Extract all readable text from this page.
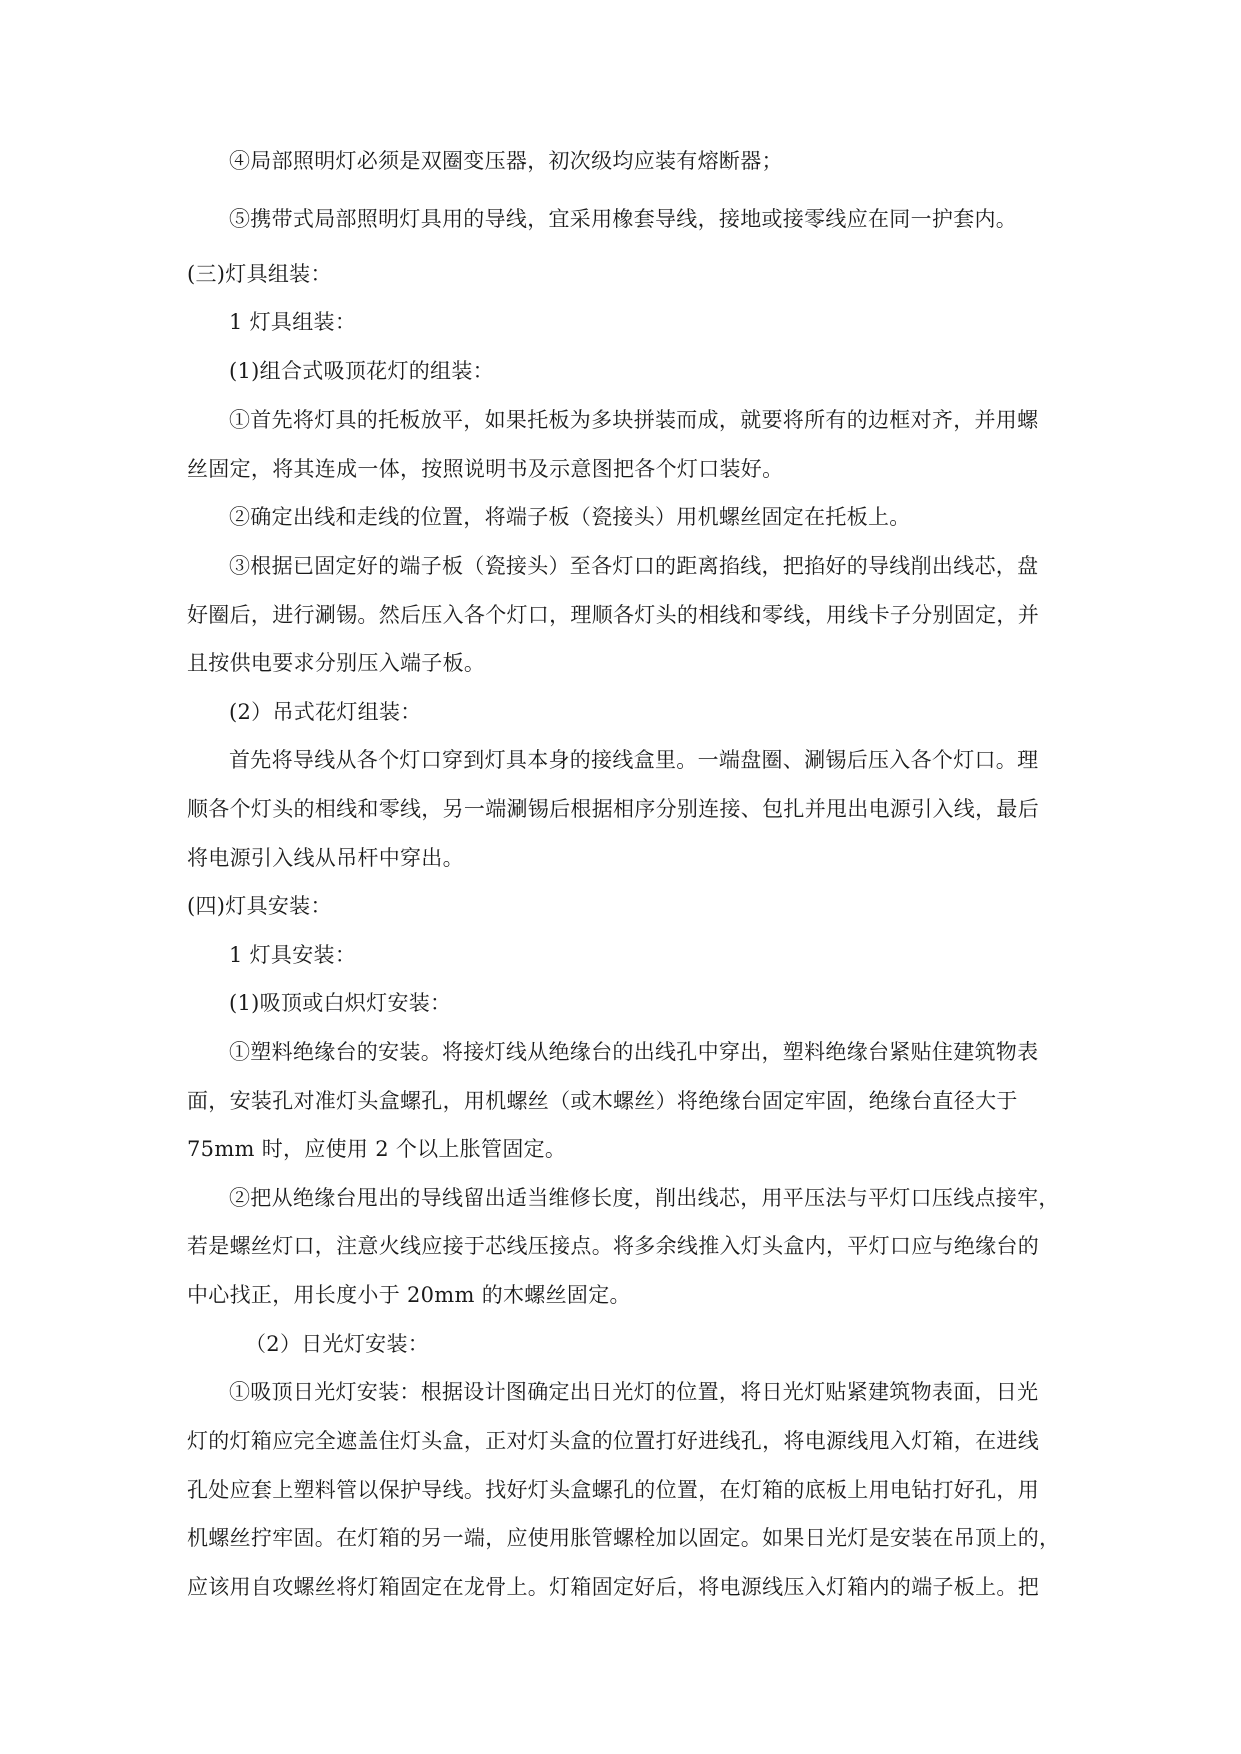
④局部照明灯必须是双圈变压器，初次级均应装有熔断器；
⑤携带式局部照明灯具用的导线，宜采用橡套导线，接地或接零线应在同一护套内。
(三)灯具组装：
1 灯具组装：
(1)组合式吸顶花灯的组装：
①首先将灯具的托板放平，如果托板为多块拼装而成，就要将所有的边框对齐，并用螺
丝固定，将其连成一体，按照说明书及示意图把各个灯口装好。
②确定出线和走线的位置，将端子板（瓷接头）用机螺丝固定在托板上。
③根据已固定好的端子板（瓷接头）至各灯口的距离掐线，把掐好的导线削出线芯，盘
好圈后，进行涮锡。然后压入各个灯口，理顺各灯头的相线和零线，用线卡子分别固定，并
且按供电要求分别压入端子板。
(2）吊式花灯组装：
首先将导线从各个灯口穿到灯具本身的接线盒里。一端盘圈、涮锡后压入各个灯口。理
顺各个灯头的相线和零线，另一端涮锡后根据相序分别连接、包扎并甩出电源引入线，最后
将电源引入线从吊杆中穿出。
(四)灯具安装：
1 灯具安装：
(1)吸顶或白炽灯安装：
①塑料绝缘台的安装。将接灯线从绝缘台的出线孔中穿出，塑料绝缘台紧贴住建筑物表
面，安装孔对准灯头盒螺孔，用机螺丝（或木螺丝）将绝缘台固定牢固，绝缘台直径大于
75mm 时，应使用 2 个以上胀管固定。
②把从绝缘台甩出的导线留出适当维修长度，削出线芯，用平压法与平灯口压线点接牢，
若是螺丝灯口，注意火线应接于芯线压接点。将多余线推入灯头盒内，平灯口应与绝缘台的
中心找正，用长度小于 20mm 的木螺丝固定。
（2）日光灯安装：
①吸顶日光灯安装：根据设计图确定出日光灯的位置，将日光灯贴紧建筑物表面，日光
灯的灯箱应完全遮盖住灯头盒，正对灯头盒的位置打好进线孔，将电源线甩入灯箱，在进线
孔处应套上塑料管以保护导线。找好灯头盒螺孔的位置，在灯箱的底板上用电钻打好孔，用
机螺丝拧牢固。在灯箱的另一端，应使用胀管螺栓加以固定。如果日光灯是安装在吊顶上的，
应该用自攻螺丝将灯箱固定在龙骨上。灯箱固定好后，将电源线压入灯箱内的端子板上。把
